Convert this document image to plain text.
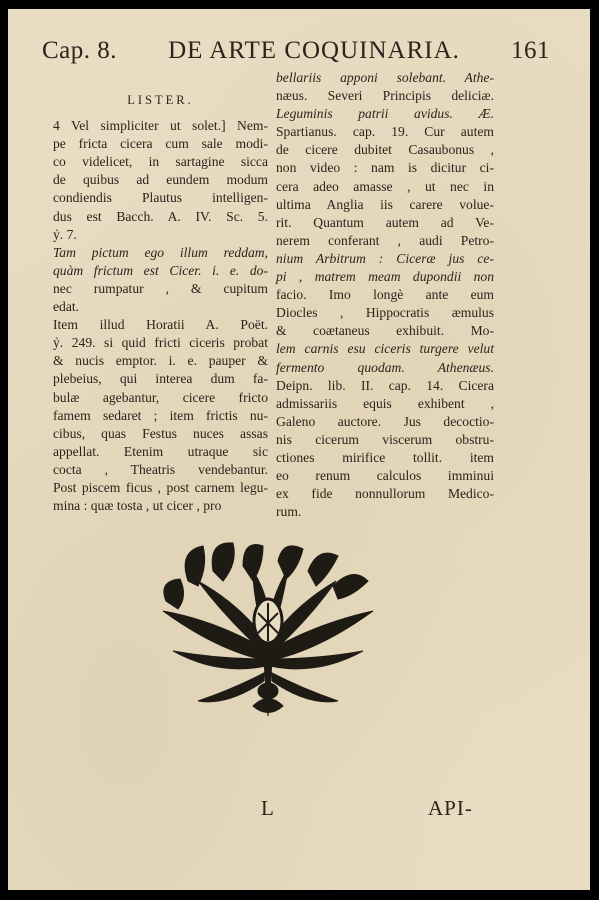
Cap. 8. DE ARTE COQUINARIA. 161
LISTER.
4 Vel simpliciter ut solet.] Nem-
pe fricta cicera cum sale modi-
co videlicet, in sartagine sicca
de quibus ad eundem modum
condiendis Plautus intelligen-
dus est Bacch. A. IV. Sc. 5.
ỷ. 7.
Tam pictum ego illum reddam,
quàm frictum est Cicer. i. e. do-
nec rumpatur , & cupitum
edat.
Item illud Horatii A. Poët.
ỷ. 249. si quid fricti ciceris probat
& nucis emptor. i. e. pauper &
plebeius, qui interea dum fa-
bulæ agebantur, cicere fricto
famem sedaret ; item frictis nu-
cibus, quas Festus nuces assas
appellat. Etenim utraque sic
cocta , Theatris vendebantur.
Post piscem ficus , post carnem legu-
mina : quæ tosta , ut cicer , pro
bellariis apponi solebant. Athe-
næus. Severi Principis deliciæ.
Leguminis patrii avidus. Æ.
Spartianus. cap. 19. Cur autem
de cicere dubitet Casaubonus ,
non video : nam is dicitur ci-
cera adeo amasse , ut nec in
ultima Anglia iis carere volue-
rit. Quantum autem ad Ve-
nerem conferant , audi Petro-
nium Arbitrum : Ciceræ jus ce-
pi , matrem meam dupondii non
facio. Imo longè ante eum
Diocles , Hippocratis æmulus
& coætaneus exhibuit. Mo-
lem carnis esu ciceris turgere velut
fermento quodam. Athenæus.
Deipn. lib. II. cap. 14. Cicera
admissariis equis exhibent ,
Galeno auctore. Jus decoctio-
nis cicerum viscerum obstru-
ctiones mirifice tollit. item
eo renum calculos imminui
ex fide nonnullorum Medico-
rum.
L	API-
